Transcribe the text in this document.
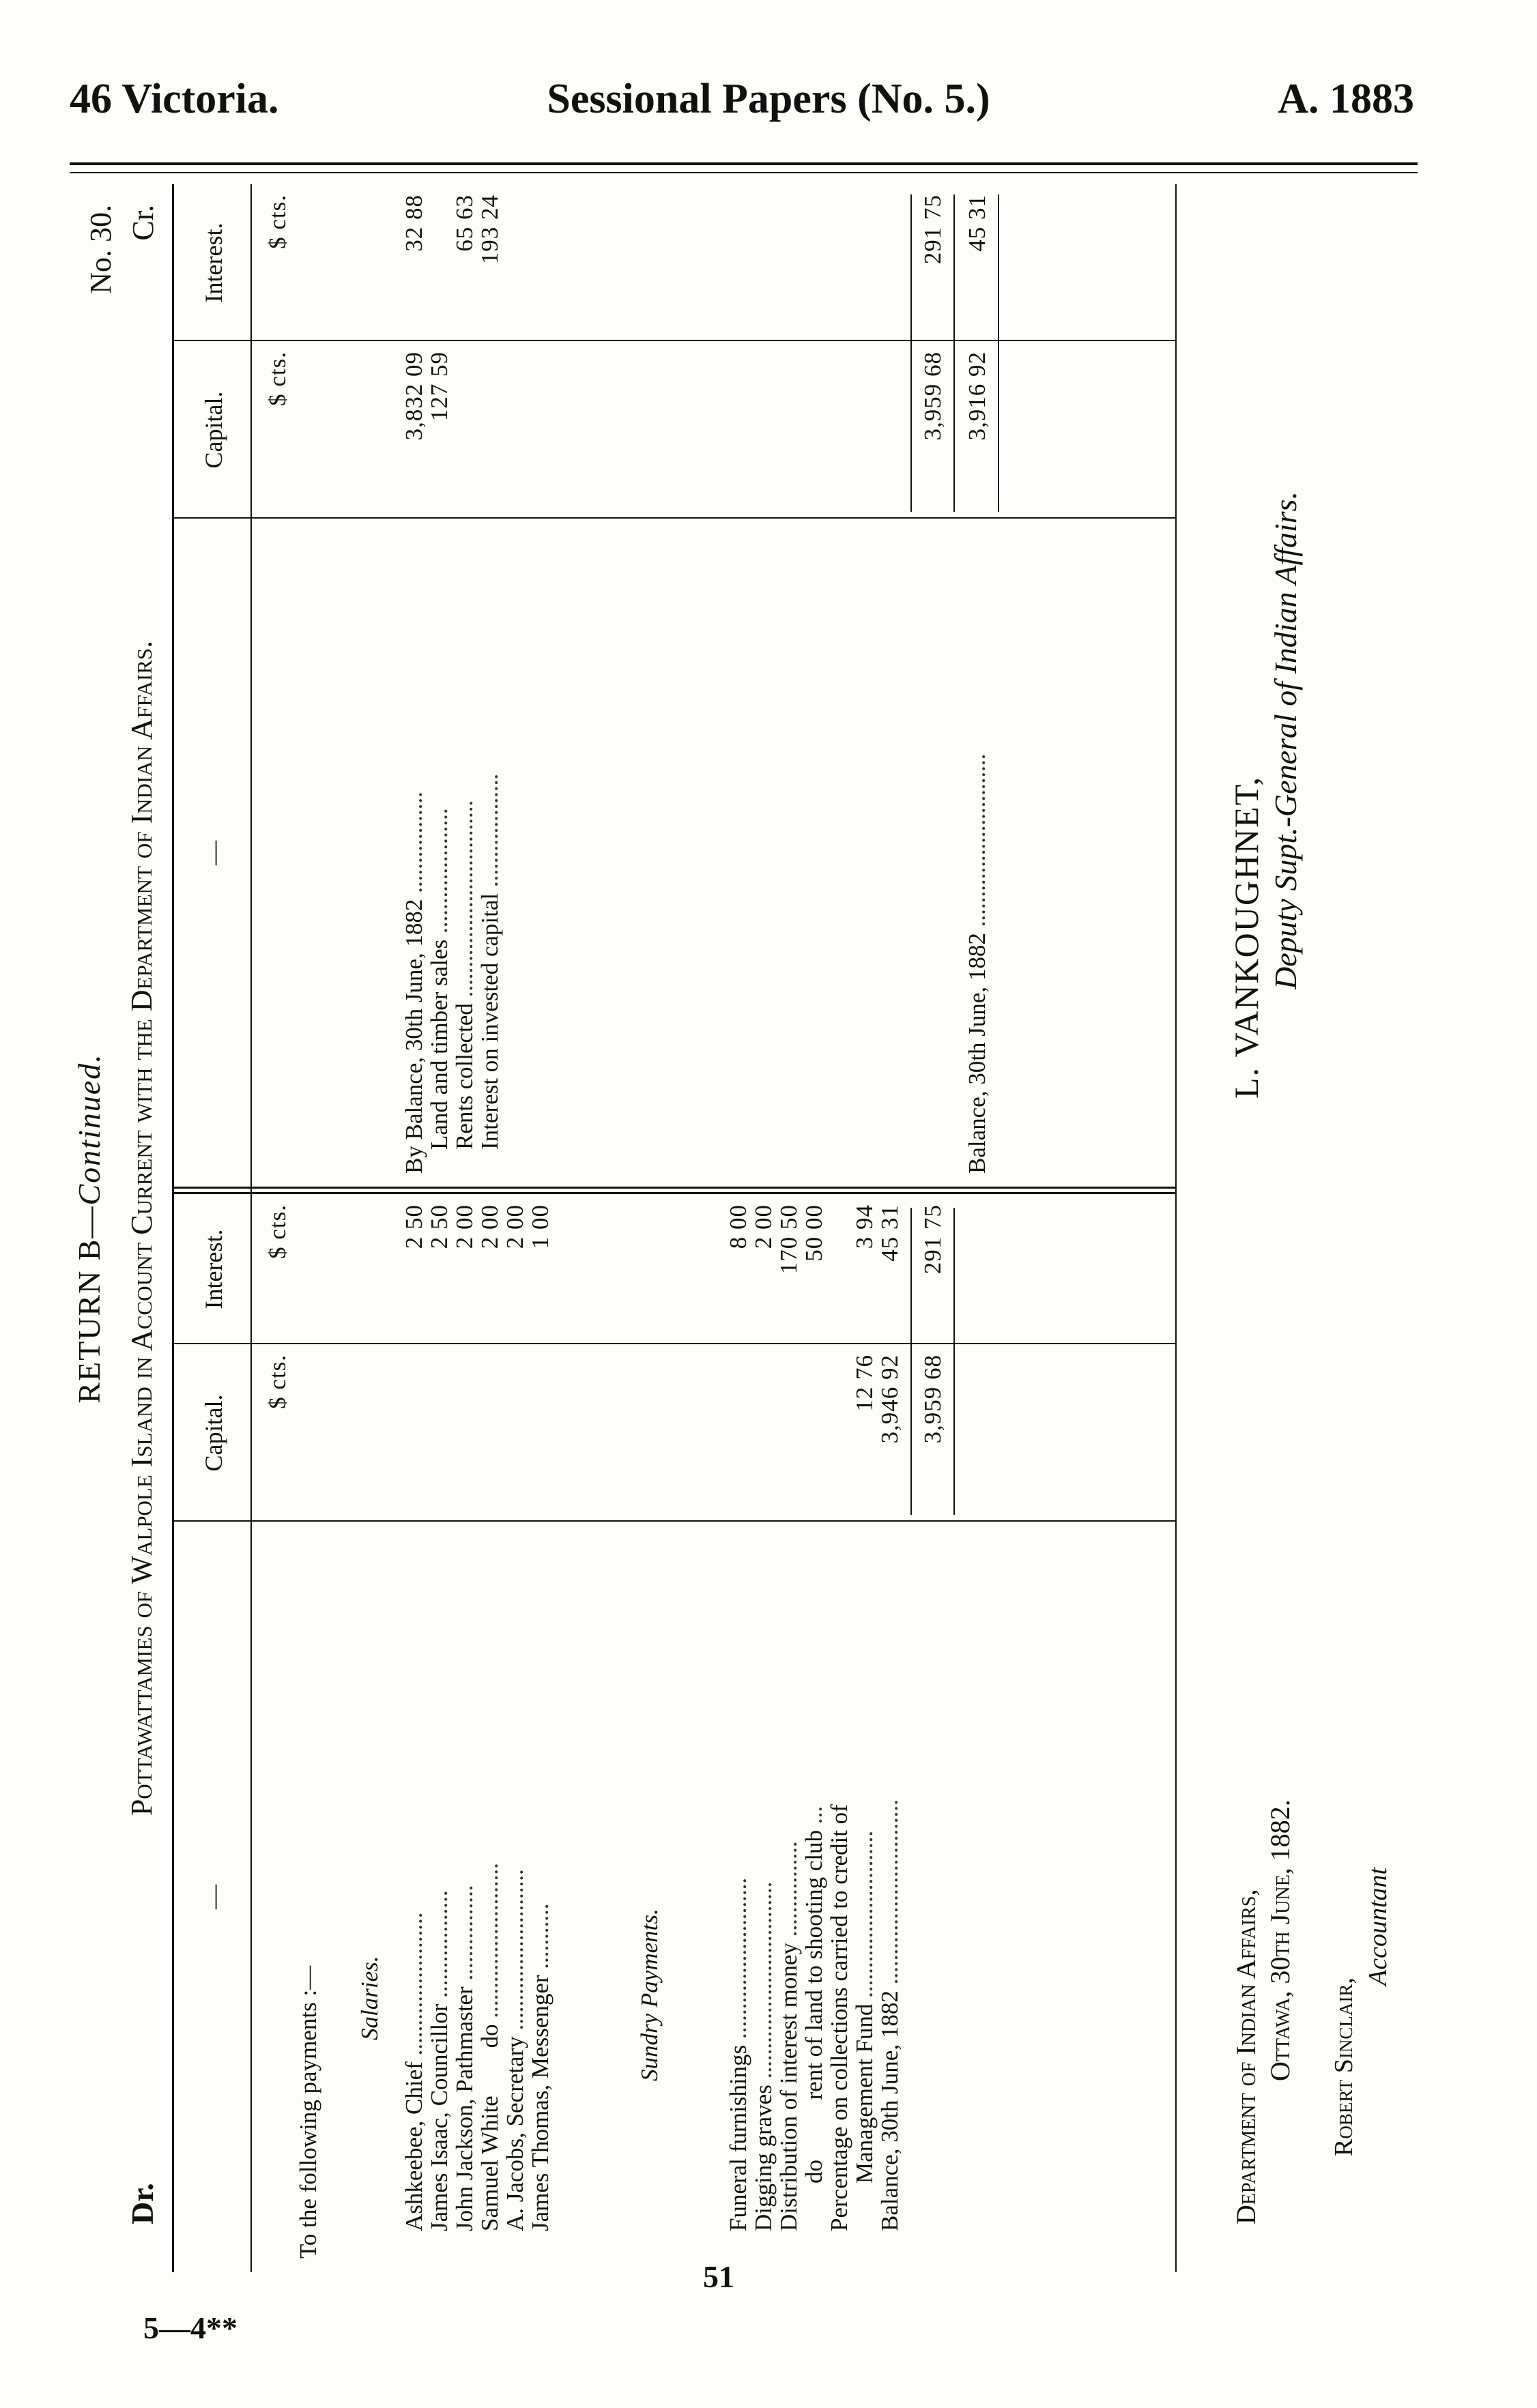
46 Victoria.	Sessional Papers (No. 5.)	A. 1883
RETURN B—Continued.
No. 30.
Dr.
Pottawattamies of Walpole Island in Account Current with the Department of Indian Affairs.
Cr.
—
Capital.
Interest.
—
Capital.
Interest.
$ cts.
$ cts.
$ cts.
$ cts.
To the following payments :— Salaries.
Ashkeebee, Chief ........................
2 50
James Isaac, Councillor ..................
2 50
John Jackson, Pathmaster ................
2 00
Samuel White        do ..........................
2 00
A. Jacobs, Secretary ...........................
2 00
James Thomas, Messenger ...........
1 00
Sundry Payments.
Funeral furnishings ...........................
8 00
Digging graves .................................
2 00
Distribution of interest money ................
170 50
do          rent of land to shooting club ...
50 00
Percentage on collections carried to credit of
Management Fund ............................
12 76
3 94
Balance, 30th June, 1882 ...............................
3,946 92
45 31
3,959 68
291 75
By Balance, 30th June, 1882 .................
3,832 09
32 88
Land and timber sales .....................
127 59
Rents collected .................................
65 63
Interest on invested capital ...................
193 24
3,959 68
291 75
Balance, 30th June, 1882 .............................
3,916 92
45 31
Department of Indian Affairs, Ottawa, 30th June, 1882. Robert Sinclair,
Accountant
L. VANKOUGHNET, Deputy Supt.-General of Indian Affairs.
51
5—4**
